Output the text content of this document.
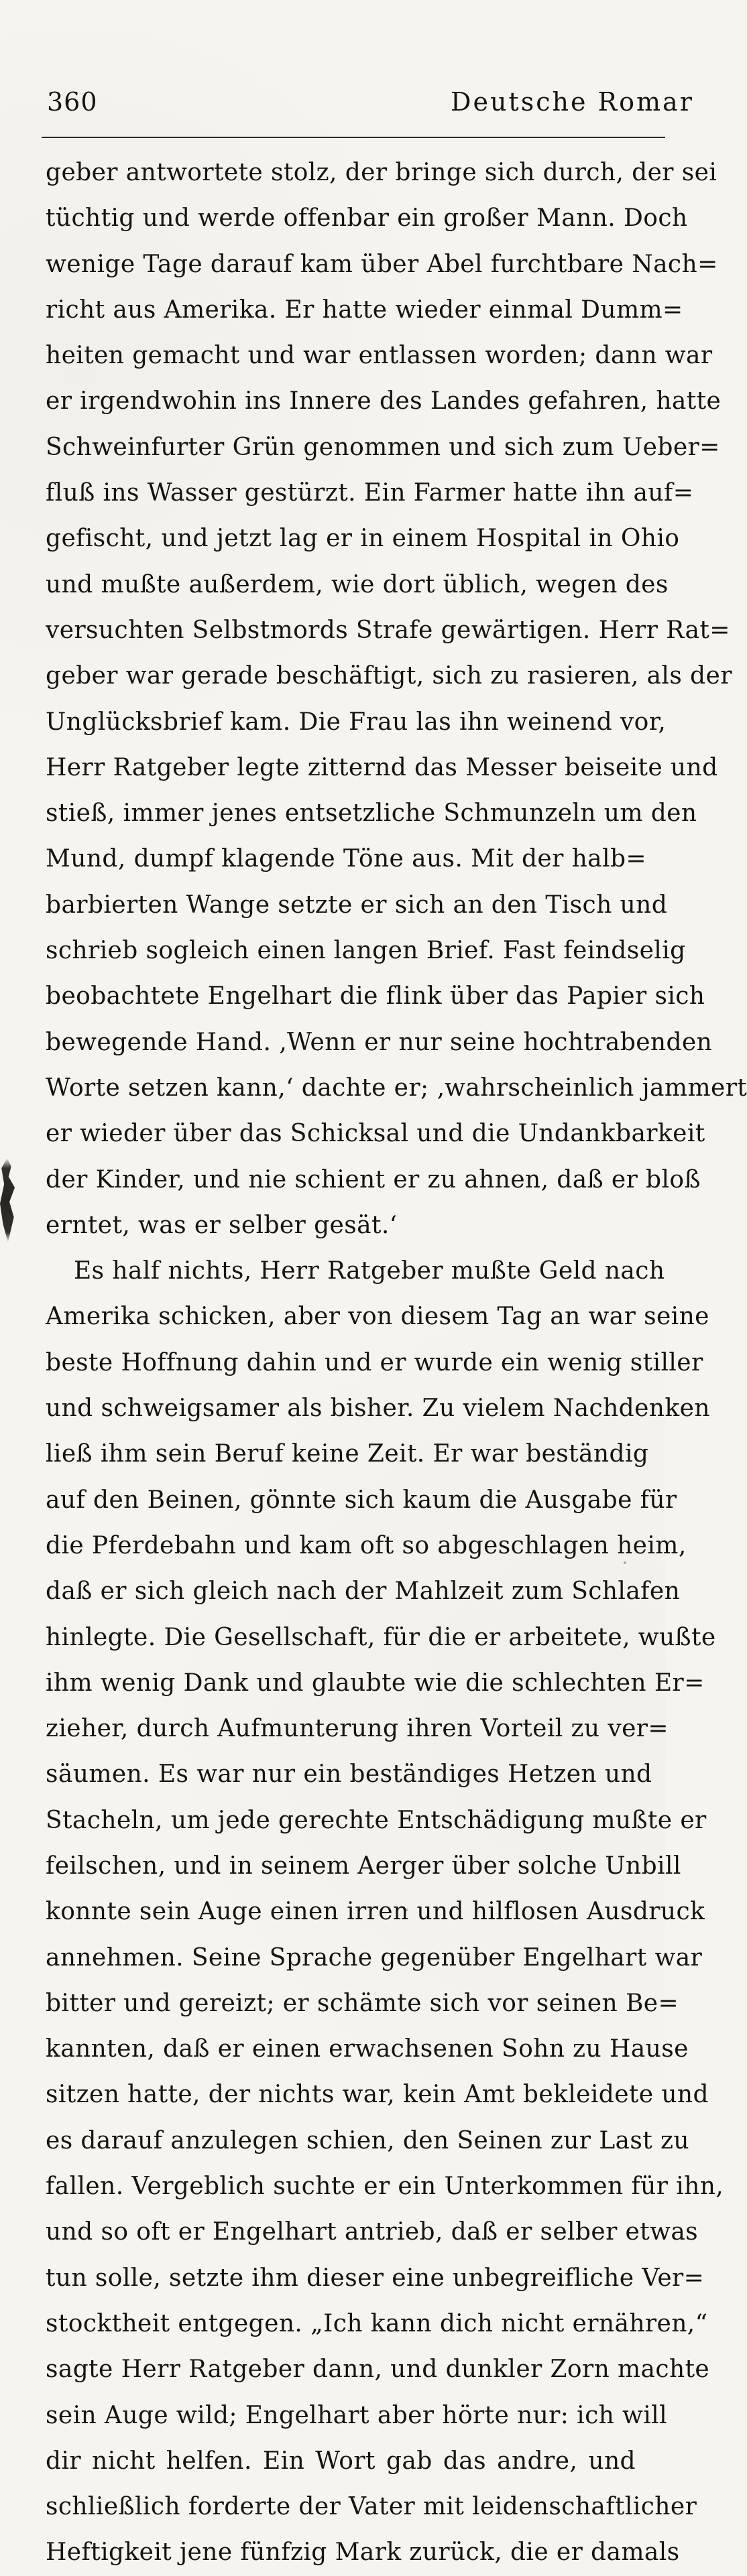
360	Deutsche Romar
geber antwortete stolz, der bringe sich durch, der sei
tüchtig und werde offenbar ein großer Mann. Doch
wenige Tage darauf kam über Abel furchtbare Nach=
richt aus Amerika. Er hatte wieder einmal Dumm=
heiten gemacht und war entlassen worden; dann war
er irgendwohin ins Innere des Landes gefahren, hatte
Schweinfurter Grün genommen und sich zum Ueber=
fluß ins Wasser gestürzt. Ein Farmer hatte ihn auf=
gefischt, und jetzt lag er in einem Hospital in Ohio
und mußte außerdem, wie dort üblich, wegen des
versuchten Selbstmords Strafe gewärtigen. Herr Rat=
geber war gerade beschäftigt, sich zu rasieren, als der
Unglücksbrief kam. Die Frau las ihn weinend vor,
Herr Ratgeber legte zitternd das Messer beiseite und
stieß, immer jenes entsetzliche Schmunzeln um den
Mund, dumpf klagende Töne aus. Mit der halb=
barbierten Wange setzte er sich an den Tisch und
schrieb sogleich einen langen Brief. Fast feindselig
beobachtete Engelhart die flink über das Papier sich
bewegende Hand. ‚Wenn er nur seine hochtrabenden
Worte setzen kann,‘ dachte er; ‚wahrscheinlich jammert
er wieder über das Schicksal und die Undankbarkeit
der Kinder, und nie schient er zu ahnen, daß er bloß
erntet, was er selber gesät.‘
Es half nichts, Herr Ratgeber mußte Geld nach
Amerika schicken, aber von diesem Tag an war seine
beste Hoffnung dahin und er wurde ein wenig stiller
und schweigsamer als bisher. Zu vielem Nachdenken
ließ ihm sein Beruf keine Zeit. Er war beständig
auf den Beinen, gönnte sich kaum die Ausgabe für
die Pferdebahn und kam oft so abgeschlagen heim,
daß er sich gleich nach der Mahlzeit zum Schlafen
hinlegte. Die Gesellschaft, für die er arbeitete, wußte
ihm wenig Dank und glaubte wie die schlechten Er=
zieher, durch Aufmunterung ihren Vorteil zu ver=
säumen. Es war nur ein beständiges Hetzen und
Stacheln, um jede gerechte Entschädigung mußte er
feilschen, und in seinem Aerger über solche Unbill
konnte sein Auge einen irren und hilflosen Ausdruck
annehmen. Seine Sprache gegenüber Engelhart war
bitter und gereizt; er schämte sich vor seinen Be=
kannten, daß er einen erwachsenen Sohn zu Hause
sitzen hatte, der nichts war, kein Amt bekleidete und
es darauf anzulegen schien, den Seinen zur Last zu
fallen. Vergeblich suchte er ein Unterkommen für ihn,
und so oft er Engelhart antrieb, daß er selber etwas
tun solle, setzte ihm dieser eine unbegreifliche Ver=
stocktheit entgegen. „Ich kann dich nicht ernähren,“
sagte Herr Ratgeber dann, und dunkler Zorn machte
sein Auge wild; Engelhart aber hörte nur: ich will
dir nicht helfen. Ein Wort gab das andre, und
schließlich forderte der Vater mit leidenschaftlicher
Heftigkeit jene fünfzig Mark zurück, die er damals
